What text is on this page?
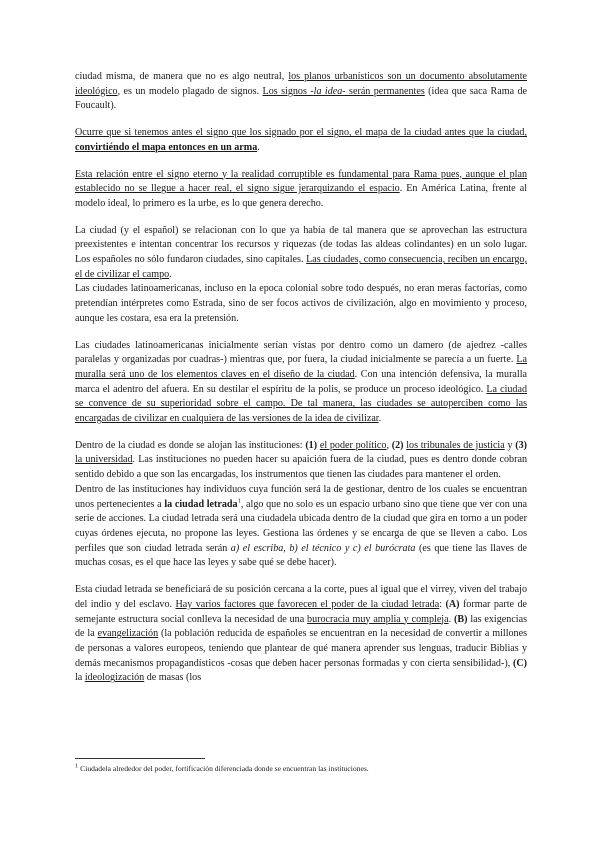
ciudad misma, de manera que no es algo neutral, los planos urbanísticos son un documento absolutamente ideológico, es un modelo plagado de signos. Los signos -la idea- serán permanentes (idea que saca Rama de Foucault).

Ocurre que si tenemos antes el signo que los signado por el signo, el mapa de la ciudad antes que la ciudad, convirtiéndo el mapa entonces en un arma.

Esta relación entre el signo eterno y la realidad corruptible es fundamental para Rama pues, aunque el plan establecido no se llegue a hacer real, el signo sigue jerarquizando el espacio. En América Latina, frente al modelo ideal, lo primero es la urbe, es lo que genera derecho.

La ciudad (y el español) se relacionan con lo que ya había de tal manera que se aprovechan las estructura preexistentes e intentan concentrar los recursos y riquezas (de todas las aldeas colindantes) en un solo lugar. Los españoles no sólo fundaron ciudades, sino capitales. Las ciudades, como consecuencia, reciben un encargo, el de civilizar el campo.

Las ciudades latinoamericanas, incluso en la epoca colonial sobre todo después, no eran meras factorías, como pretendían intérpretes como Estrada, sino de ser focos activos de civilización, algo en movimiento y proceso, aunque les costara, esa era la pretensión.

Las ciudades latinoamericanas inicialmente serían vistas por dentro como un damero (de ajedrez -calles paralelas y organizadas por cuadras-) mientras que, por fuera, la ciudad inicialmente se parecía a un fuerte. La muralla será uno de los elementos claves en el diseño de la ciudad. Con una intención defensiva, la muralla marca el adentro del afuera. En su destilar el espíritu de la polis, se produce un proceso ideológico. La ciudad se convence de su superioridad sobre el campo. De tal manera, las ciudades se autoperciben como las encargadas de civilizar en cualquiera de las versiones de la idea de civilizar.

Dentro de la ciudad es donde se alojan las instituciones: (1) el poder político, (2) los tribunales de justicia y (3) la universidad. Las instituciones no pueden hacer su apaición fuera de la ciudad, pues es dentro donde cobran sentido debido a que son las encargadas, los instrumentos que tienen las ciudades para mantener el orden.

Dentro de las instituciones hay individuos cuya función será la de gestionar, dentro de los cuales se encuentran unos pertenecientes a la ciudad letrada$^1$, algo que no solo es un espacio urbano sino que tiene que ver con una serie de acciones. La ciudad letrada será una ciudadela ubicada dentro de la ciudad que gira en torno a un poder cuyas órdenes ejecuta, no propone las leyes. Gestiona las órdenes y se encarga de que se lleven a cabo. Los perfiles que son ciudad letrada serán a) el escriba, b) el técnico y c) el burócrata (es que tiene las llaves de muchas cosas, es el que hace las leyes y sabe qué se debe hacer).

Esta ciudad letrada se beneficiará de su posición cercana a la corte, pues al igual que el virrey, viven del trabajo del indio y del esclavo. Hay varios factores que favorecen el poder de la ciudad letrada: (A) formar parte de semejante estructura social conlleva la necesidad de una burocracia muy amplia y compleja. (B) las exigencias de la evangelización (la población reducida de españoles se encuentran en la necesidad de convertir a millones de personas a valores europeos, teniendo que plantear de qué manera aprender sus lenguas, traducir Biblias y demás mecanismos propagandísticos -cosas que deben hacer personas formadas y con cierta sensibilidad-), (C) la ideologización de masas (los

$^1$ Ciudadela alrededor del poder, fortificación diferenciada donde se encuentran las instituciones.
